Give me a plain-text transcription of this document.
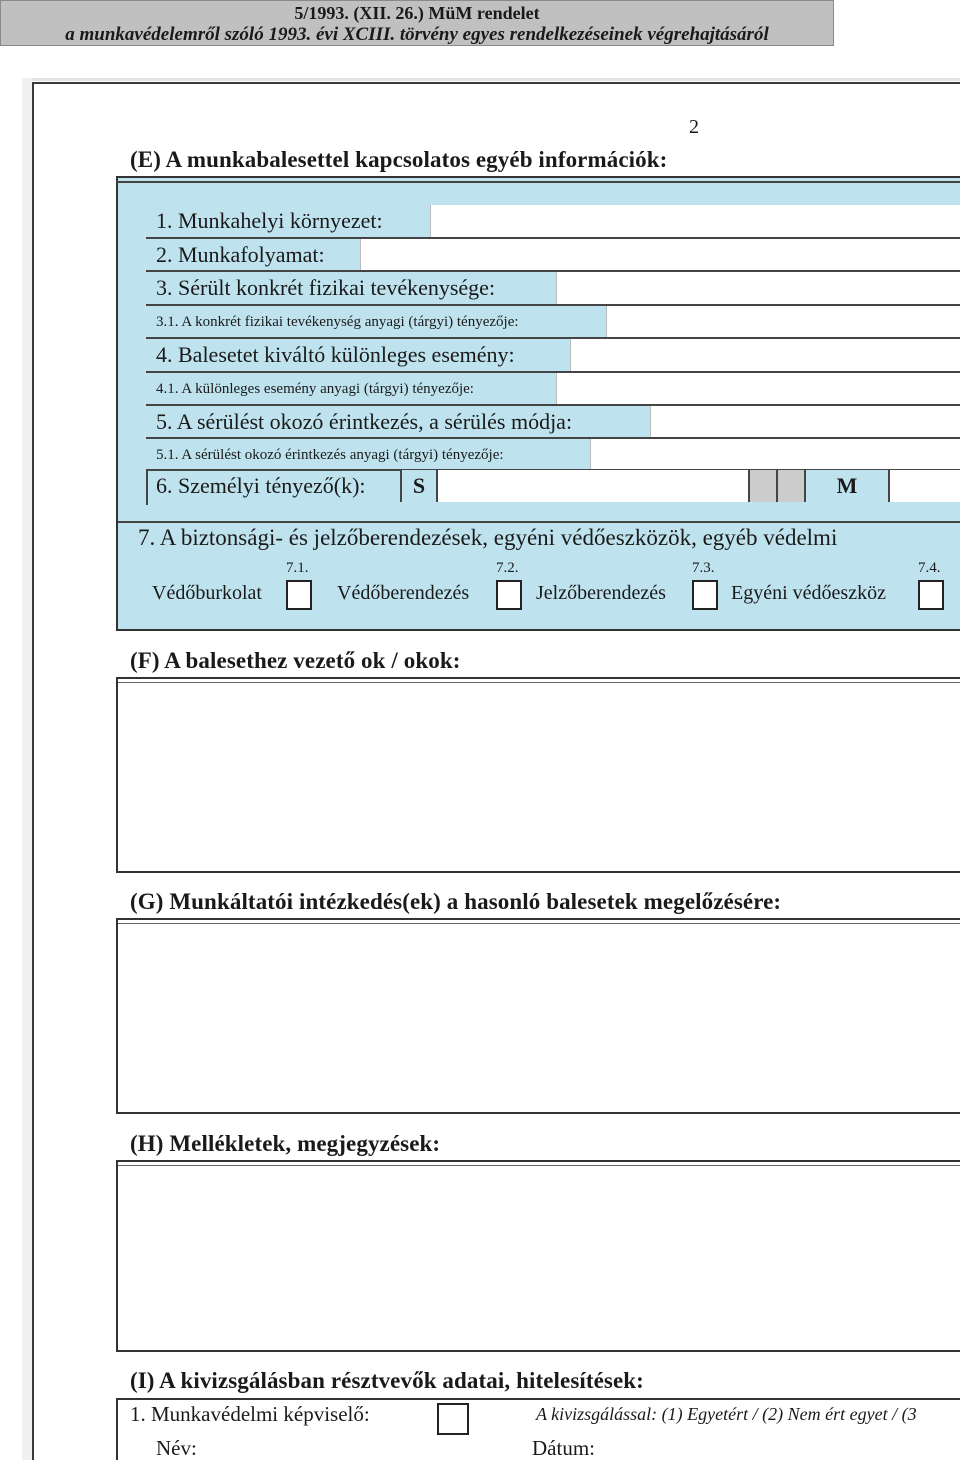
5/1993. (XII. 26.) MüM rendelet
a munkavédelemről szóló 1993. évi XCIII. törvény egyes rendelkezéseinek végrehajtásáról
2
(E) A munkabalesettel kapcsolatos egyéb információk:
1. Munkahelyi környezet:
2. Munkafolyamat:
3. Sérült konkrét fizikai tevékenysége:
3.1. A konkrét fizikai tevékenység anyagi (tárgyi) tényezője:
4. Balesetet kiváltó különleges esemény:
4.1. A különleges esemény anyagi (tárgyi) tényezője:
5. A sérülést okozó érintkezés, a sérülés módja:
5.1. A sérülést okozó érintkezés anyagi (tárgyi) tényezője:
6. Személyi tényező(k):	S	M
7. A biztonsági- és jelzőberendezések, egyéni védőeszközök, egyéb védelmi
7.1.
Védőburkolat
7.2.
Védőberendezés
7.3.
Jelzőberendezés
7.4.
Egyéni védőeszköz
(F) A balesethez vezető ok / okok:
(G) Munkáltatói intézkedés(ek) a hasonló balesetek megelőzésére:
(H) Mellékletek, megjegyzések:
(I) A kivizsgálásban résztvevők adatai, hitelesítések:
1. Munkavédelmi képviselő:	A kivizsgálással: (1) Egyetért / (2) Nem ért egyet / (3
Név:	Dátum:
